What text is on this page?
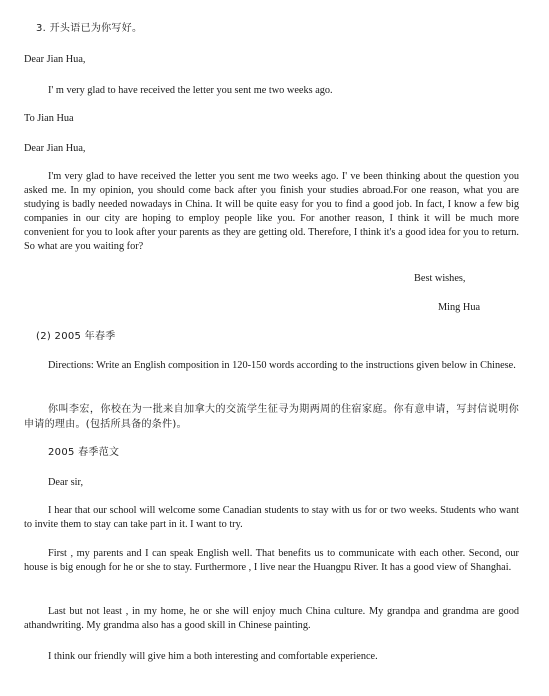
3. 开头语已为你写好。
Dear Jian Hua,
I' m very glad to have received the letter you sent me two weeks ago.
To Jian Hua
Dear Jian Hua,
I'm very glad to have received the letter you sent me two weeks ago. I' ve been thinking about the question you asked me. In my opinion, you should come back after you finish your studies abroad.For one reason, what you are studying is badly needed nowadays in China. It will be quite easy for you to find a good job. In fact, I know a few big companies in our city are hoping to employ people like you. For another reason, I think it will be much more convenient for you to look after your parents as they are getting old. Therefore, I think it's a good idea for you to return. So what are you waiting for?
Best wishes,
Ming Hua
(2) 2005 年春季
Directions: Write an English composition in 120-150 words according to the instructions given below in Chinese.
你叫李宏，你校在为一批来自加拿大的交流学生征寻为期两周的住宿家庭。你有意申请，写封信说明你申请的理由。(包括所具备的条件)。
2005 春季范文
Dear sir,
I hear that our school will welcome some Canadian students to stay with us for or two weeks. Students who want to invite them to stay can take part in it. I want to try.
First , my parents and I can speak English well. That benefits us to communicate with each other. Second, our house is big enough for he or she to stay. Furthermore , I live near the Huangpu River. It has a good view of Shanghai.
Last but not least , in my home, he or she will enjoy much China culture. My grandpa and grandma are good athandwriting. My grandma also has a good skill in Chinese painting.
I think our friendly will give him a both interesting and comfortable experience.
